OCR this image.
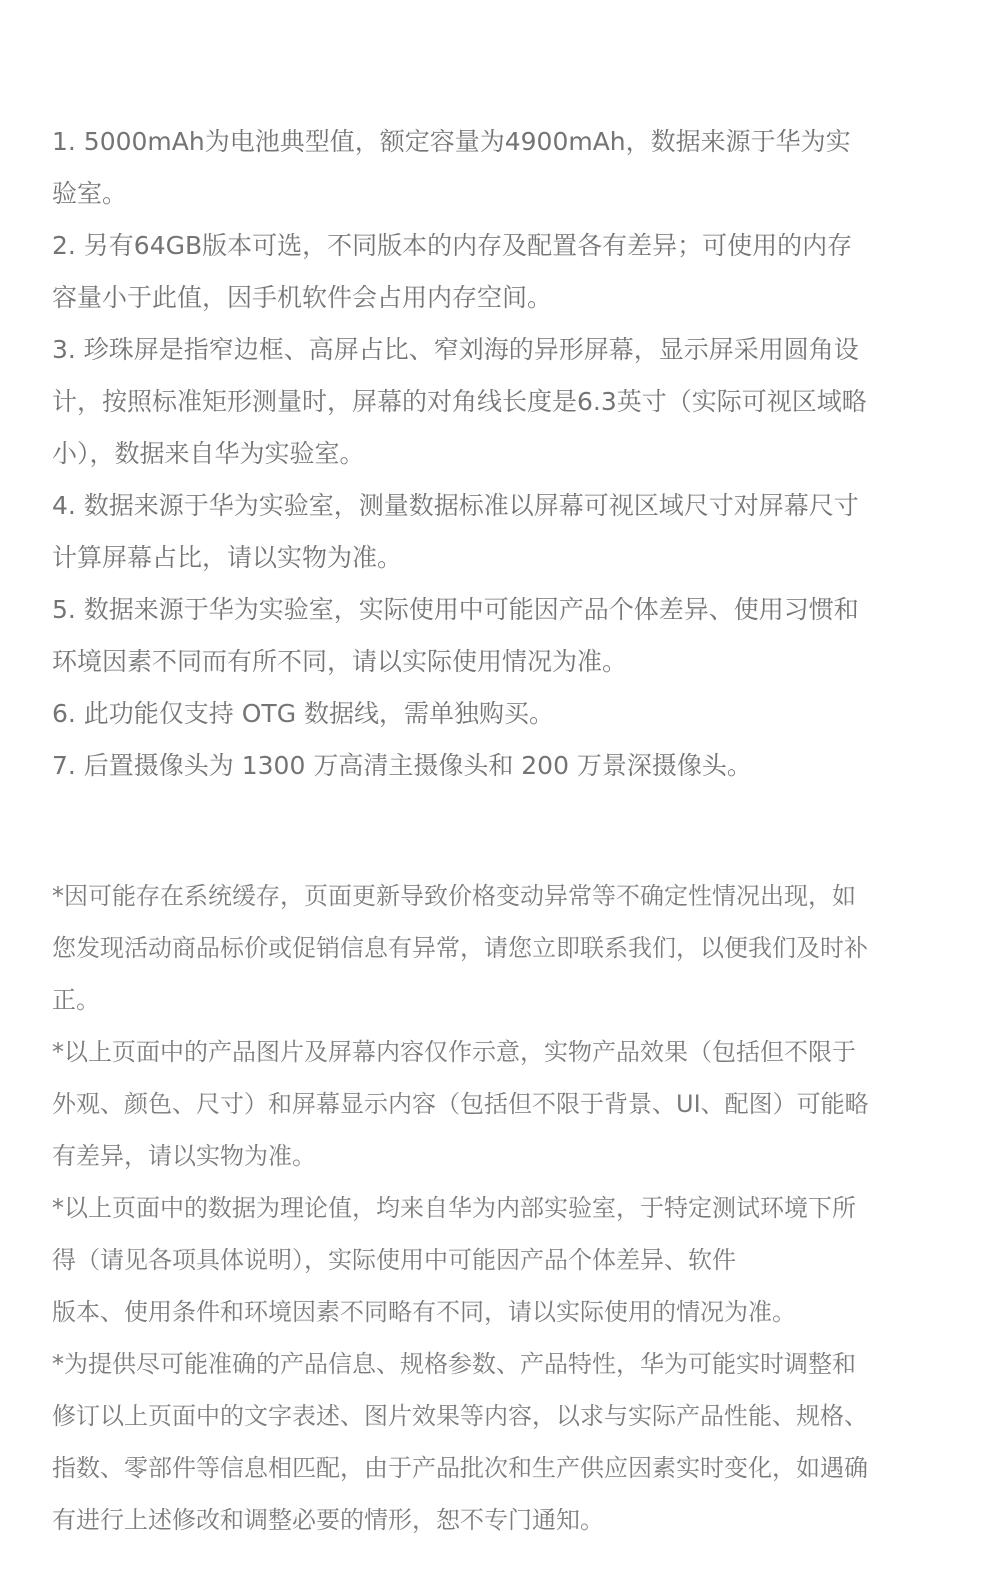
1. 5000mAh为电池典型值，额定容量为4900mAh，数据来源于华为实
验室。
2. 另有64GB版本可选，不同版本的内存及配置各有差异；可使用的内存
容量小于此值，因手机软件会占用内存空间。
3. 珍珠屏是指窄边框、高屏占比、窄刘海的异形屏幕，显示屏采用圆角设
计，按照标准矩形测量时，屏幕的对角线长度是6.3英寸（实际可视区域略
小），数据来自华为实验室。
4. 数据来源于华为实验室，测量数据标准以屏幕可视区域尺寸对屏幕尺寸
计算屏幕占比，请以实物为准。
5. 数据来源于华为实验室，实际使用中可能因产品个体差异、使用习惯和
环境因素不同而有所不同，请以实际使用情况为准。
6. 此功能仅支持 OTG 数据线，需单独购买。
7. 后置摄像头为 1300 万高清主摄像头和 200 万景深摄像头。
*因可能存在系统缓存，页面更新导致价格变动异常等不确定性情况出现，如
您发现活动商品标价或促销信息有异常，请您立即联系我们，以便我们及时补
正。
*以上页面中的产品图片及屏幕内容仅作示意，实物产品效果（包括但不限于
外观、颜色、尺寸）和屏幕显示内容（包括但不限于背景、UI、配图）可能略
有差异，请以实物为准。
*以上页面中的数据为理论值，均来自华为内部实验室，于特定测试环境下所
得（请见各项具体说明），实际使用中可能因产品个体差异、软件
版本、使用条件和环境因素不同略有不同，请以实际使用的情况为准。
*为提供尽可能准确的产品信息、规格参数、产品特性，华为可能实时调整和
修订以上页面中的文字表述、图片效果等内容，以求与实际产品性能、规格、
指数、零部件等信息相匹配，由于产品批次和生产供应因素实时变化，如遇确
有进行上述修改和调整必要的情形，恕不专门通知。
